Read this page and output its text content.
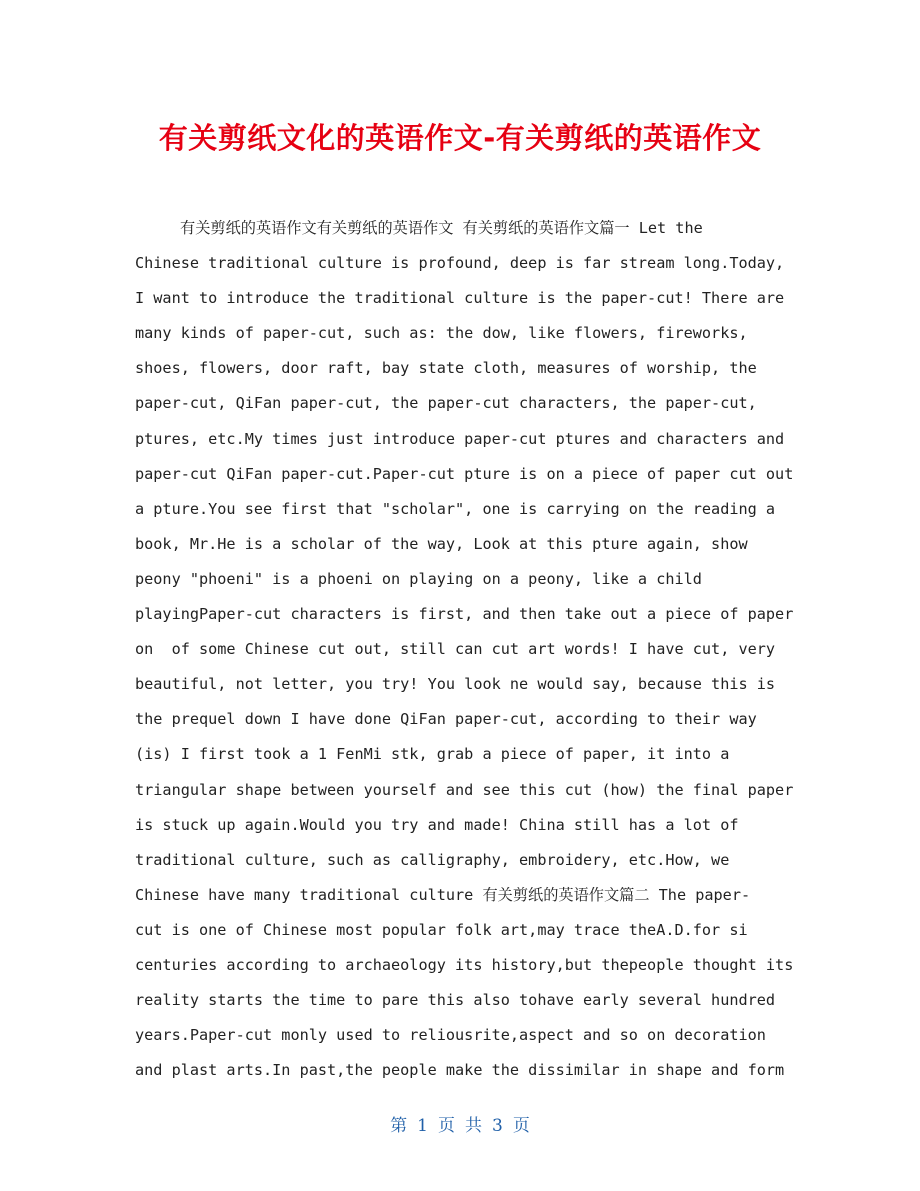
有关剪纸文化的英语作文-有关剪纸的英语作文
有关剪纸的英语作文有关剪纸的英语作文 有关剪纸的英语作文篇一 Let the
Chinese traditional culture is profound, deep is far stream long.Today,
I want to introduce the traditional culture is the paper-cut! There are
many kinds of paper-cut, such as: the dow, like flowers, fireworks,
shoes, flowers, door raft, bay state cloth, measures of worship, the
paper-cut, QiFan paper-cut, the paper-cut characters, the paper-cut,
ptures, etc.My times just introduce paper-cut ptures and characters and
paper-cut QiFan paper-cut.Paper-cut pture is on a piece of paper cut out
a pture.You see first that "scholar", one is carrying on the reading a
book, Mr.He is a scholar of the way, Look at this pture again, show
peony "phoeni" is a phoeni on playing on a peony, like a child
playingPaper-cut characters is first, and then take out a piece of paper
on  of some Chinese cut out, still can cut art words! I have cut, very
beautiful, not letter, you try! You look ne would say, because this is
the prequel down I have done QiFan paper-cut, according to their way
(is) I first took a 1 FenMi stk, grab a piece of paper, it into a
triangular shape between yourself and see this cut (how) the final paper
is stuck up again.Would you try and made! China still has a lot of
traditional culture, such as calligraphy, embroidery, etc.How, we
Chinese have many traditional culture 有关剪纸的英语作文篇二 The paper-
cut is one of Chinese most popular folk art,may trace theA.D.for si
centuries according to archaeology its history,but thepeople thought its
reality starts the time to pare this also tohave early several hundred
years.Paper-cut monly used to reliousrite,aspect and so on decoration
and plast arts.In past,the people make the dissimilar in shape and form
第 1 页 共 3 页
